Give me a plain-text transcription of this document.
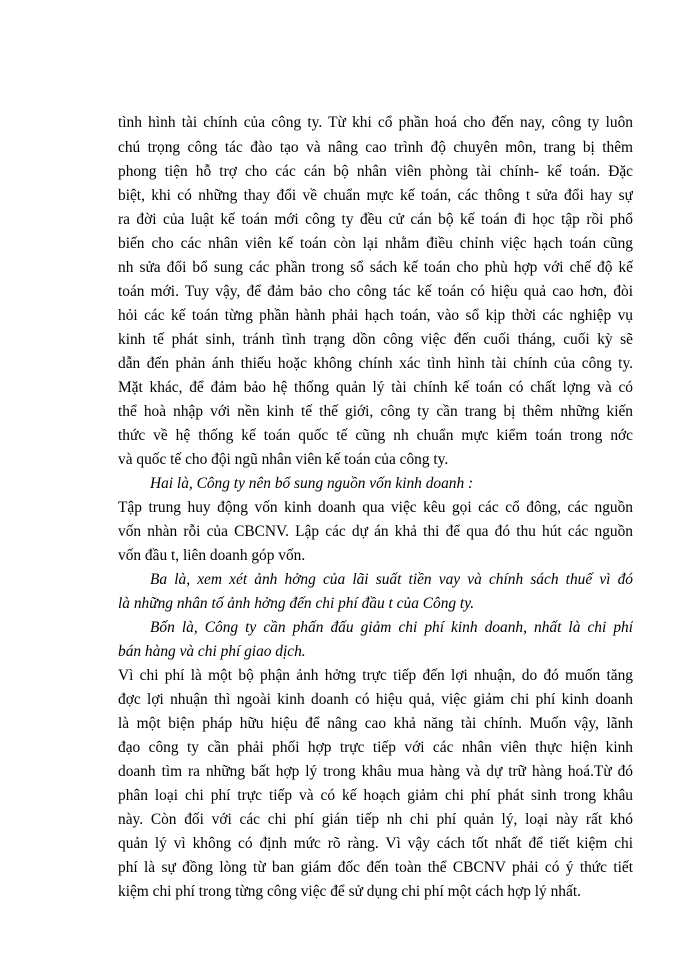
tình hình tài chính của công ty. Từ khi cổ phần hoá cho đến nay, công ty luôn
chú trọng công tác đào tạo và nâng cao trình độ chuyên môn, trang bị thêm
phong tiện hỗ trợ cho các cán bộ nhân viên phòng tài chính- kế toán. Đặc
biệt, khi có những thay đổi về chuẩn mực kế toán, các thông t sửa đổi hay sự
ra đời của luật kế toán mới công ty đều cử cán bộ kế toán đi học tập rồi phổ
biến cho các nhân viên kế toán còn lại nhằm điều chỉnh việc hạch toán cũng
nh sửa đổi bổ sung các phần trong sổ sách kế toán cho phù hợp với chế độ kế
toán mới. Tuy vậy, để đảm bảo cho công tác kế toán có hiệu quả cao hơn, đòi
hỏi các kế toán từng phần hành phải hạch toán, vào sổ kịp thời các nghiệp vụ
kinh tế phát sinh, tránh tình trạng dồn công việc đến cuối tháng, cuối kỳ sẽ
dẫn đến phản ánh thiếu hoặc không chính xác tình hình tài chính của công ty.
Mặt khác, để đảm bảo hệ thống quản lý tài chính kế toán có chất lợng và có
thể hoà nhập với nền kinh tế thế giới, công ty cần trang bị thêm những kiến
thức về hệ thống kế toán quốc tế cũng nh chuẩn mực kiểm toán trong nớc
và quốc tế cho đội ngũ nhân viên kế toán của công ty.
Hai là, Công ty nên bổ sung nguồn vốn kinh doanh :
Tập trung huy động vốn kinh doanh qua việc kêu gọi các cổ đông, các nguồn
vốn nhàn rỗi của CBCNV. Lập các dự án khả thi để qua đó thu hút các nguồn
vốn đầu t, liên doanh góp vốn.
Ba là, xem xét ảnh hởng của lãi suất tiền vay và chính sách thuế vì đó
là những nhân tố ảnh hởng đến chi phí đầu t của Công ty.
Bốn là, Công ty cần phấn đấu giảm chi phí kinh doanh, nhất là chi phí
bán hàng và chi phí giao dịch.
Vì chi phí là một bộ phận ảnh hởng trực tiếp đến lợi nhuận, do đó muốn tăng
đợc lợi nhuận thì ngoài kinh doanh có hiệu quả, việc giảm chi phí kinh doanh
là một biện pháp hữu hiệu để nâng cao khả năng tài chính. Muốn vậy, lãnh
đạo công ty cần phải phối hợp trực tiếp với các nhân viên thực hiện kinh
doanh tìm ra những bất hợp lý trong khâu mua hàng và dự trữ hàng hoá.Từ đó
phân loại chi phí trực tiếp và có kế hoạch giảm chi phí phát sinh trong khâu
này. Còn đối với các chi phí gián tiếp nh chi phí quản lý, loại này rất khó
quản lý vì không có định mức rõ ràng. Vì vậy cách tốt nhất để tiết kiệm chi
phí là sự đồng lòng từ ban giám đốc đến toàn thể CBCNV phải có ý thức tiết
kiệm chi phí trong từng công việc để sử dụng chi phí một cách hợp lý nhất.
